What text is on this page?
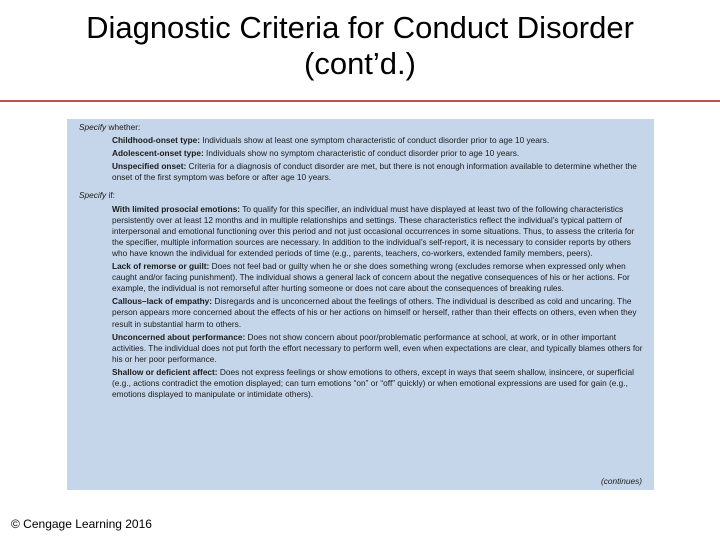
Diagnostic Criteria for Conduct Disorder
(cont’d.)

Specify whether:

Childhood-onset type: Individuals show at least one symptom characteristic of conduct disorder prior to age 10 years.
Adolescent-onset type: Individuals show no symptom characteristic of conduct disorder prior to age 10 years.
Unspecified onset: Criteria for a diagnosis of conduct disorder are met, but there is not enough information available to determine whether the onset of the first symptom was before or after age 10 years.

Specify if:

With limited prosocial emotions: To qualify for this specifier, an individual must have displayed at least two of the following characteristics persistently over at least 12 months and in multiple relationships and settings. These characteristics reflect the individual’s typical pattern of interpersonal and emotional functioning over this period and not just occasional occurrences in some situations. Thus, to assess the criteria for the specifier, multiple information sources are necessary. In addition to the individual’s self-report, it is necessary to consider reports by others who have known the individual for extended periods of time (e.g., parents, teachers, co-workers, extended family members, peers).
Lack of remorse or guilt: Does not feel bad or guilty when he or she does something wrong (excludes remorse when expressed only when caught and/or facing punishment). The individual shows a general lack of concern about the negative consequences of his or her actions. For example, the individual is not remorseful after hurting someone or does not care about the consequences of breaking rules.
Callous–lack of empathy: Disregards and is unconcerned about the feelings of others. The individual is described as cold and uncaring. The person appears more concerned about the effects of his or her actions on himself or herself, rather than their effects on others, even when they result in substantial harm to others.
Unconcerned about performance: Does not show concern about poor/problematic performance at school, at work, or in other important activities. The individual does not put forth the effort necessary to perform well, even when expectations are clear, and typically blames others for his or her poor performance.
Shallow or deficient affect: Does not express feelings or show emotions to others, except in ways that seem shallow, insincere, or superficial (e.g., actions contradict the emotion displayed; can turn emotions “on” or “off” quickly) or when emotional expressions are used for gain (e.g., emotions displayed to manipulate or intimidate others).
(continues)
© Cengage Learning 2016
